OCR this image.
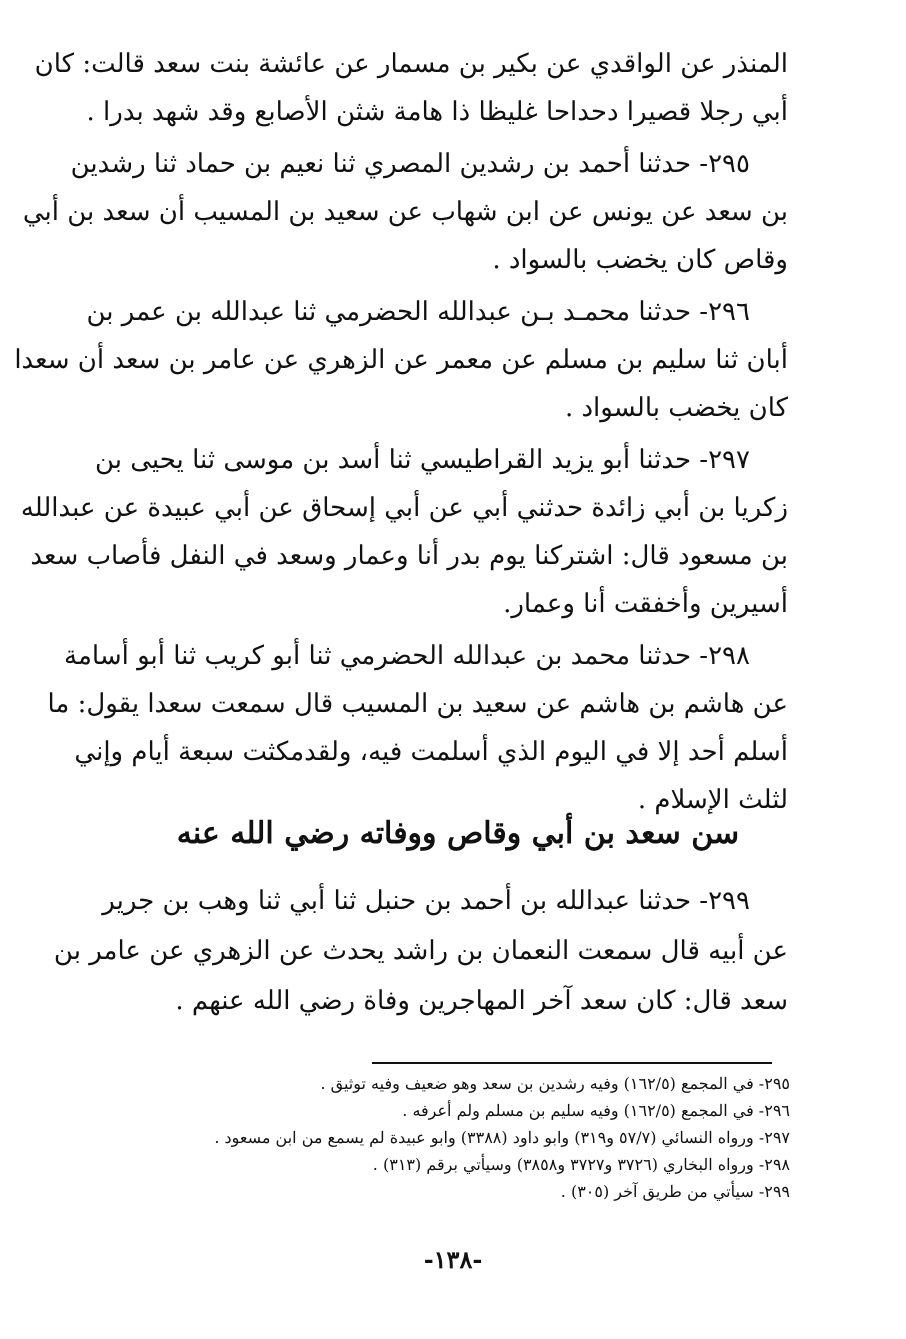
المنذر عن الواقدي عن بكير بن مسمار عن عائشة بنت سعد قالت: كان
أبي رجلا قصيرا دحداحا غليظا ذا هامة شثن الأصابع وقد شهد بدرا .
٢٩٥- حدثنا أحمد بن رشدين المصري ثنا نعيم بن حماد ثنا رشدين
بن سعد عن يونس عن ابن شهاب عن سعيد بن المسيب أن سعد بن أبي
وقاص كان يخضب بالسواد .
٢٩٦- حدثنا محمـد بـن عبدالله الحضرمي ثنا عبدالله بن عمر بن
أبان ثنا سليم بن مسلم عن معمر عن الزهري عن عامر بن سعد أن سعدا
كان يخضب بالسواد .
٢٩٧- حدثنا أبو يزيد القراطيسي ثنا أسد بن موسى ثنا يحيى بن
زكريا بن أبي زائدة حدثني أبي عن أبي إسحاق عن أبي عبيدة عن عبدالله
بن مسعود قال: اشتركنا يوم بدر أنا وعمار وسعد في النفل فأصاب سعد
أسيرين وأخفقت أنا وعمار.
٢٩٨- حدثنا محمد بن عبدالله الحضرمي ثنا أبو كريب ثنا أبو أسامة
عن هاشم بن هاشم عن سعيد بن المسيب قال سمعت سعدا يقول: ما
أسلم أحد إلا في اليوم الذي أسلمت فيه، ولقدمكثت سبعة أيام وإني
لثلث الإسلام .
سن سعد بن أبي وقاص ووفاته رضي الله عنه
٢٩٩- حدثنا عبدالله بن أحمد بن حنبل ثنا أبي ثنا وهب بن جرير
عن أبيه قال سمعت النعمان بن راشد يحدث عن الزهري عن عامر بن
سعد قال: كان سعد آخر المهاجرين وفاة رضي الله عنهم .
٢٩٥- في المجمع (١٦٢/٥) وفيه رشدين بن سعد وهو ضعيف وفيه توثيق .
٢٩٦- في المجمع (١٦٢/٥) وفيه سليم بن مسلم ولم أعرفه .
٢٩٧- ورواه النسائي (٥٧/٧ و٣١٩) وابو داود (٣٣٨٨) وابو عبيدة لم يسمع من ابن مسعود .
٢٩٨- ورواه البخاري (٣٧٢٦ و٣٧٢٧ و٣٨٥٨) وسيأتي برقم (٣١٣) .
٢٩٩- سيأتي من طريق آخر (٣٠٥) .
-١٣٨-
